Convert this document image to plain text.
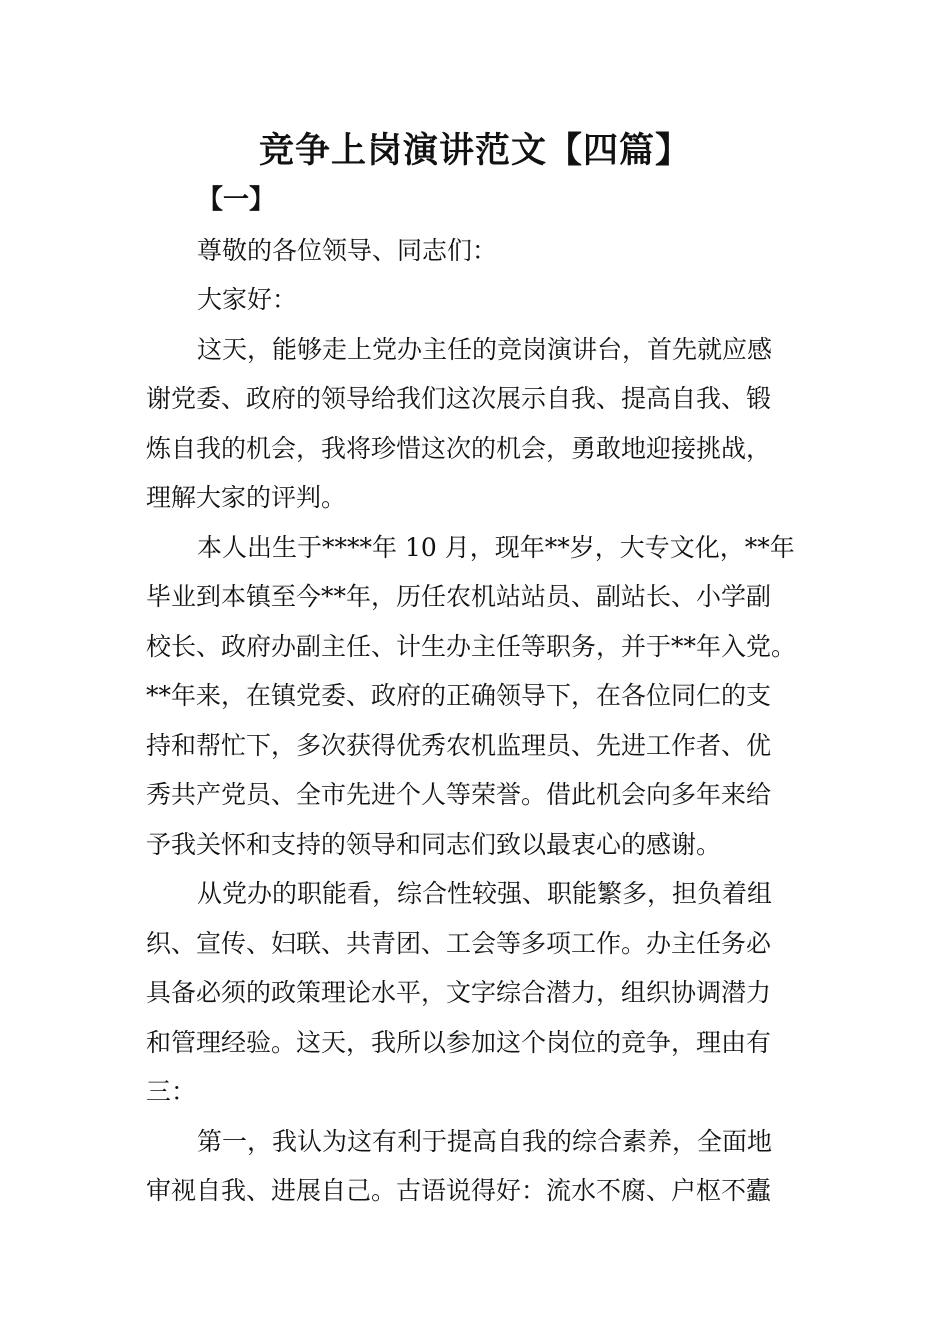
竞争上岗演讲范文【四篇】
【一】
尊敬的各位领导、同志们：
大家好：
这天，能够走上党办主任的竞岗演讲台，首先就应感
谢党委、政府的领导给我们这次展示自我、提高自我、锻
炼自我的机会，我将珍惜这次的机会，勇敢地迎接挑战，
理解大家的评判。
本人出生于****年 10 月，现年**岁，大专文化，**年
毕业到本镇至今**年，历任农机站站员、副站长、小学副
校长、政府办副主任、计生办主任等职务，并于**年入党。
**年来，在镇党委、政府的正确领导下，在各位同仁的支
持和帮忙下，多次获得优秀农机监理员、先进工作者、优
秀共产党员、全市先进个人等荣誉。借此机会向多年来给
予我关怀和支持的领导和同志们致以最衷心的感谢。
从党办的职能看，综合性较强、职能繁多，担负着组
织、宣传、妇联、共青团、工会等多项工作。办主任务必
具备必须的政策理论水平，文字综合潜力，组织协调潜力
和管理经验。这天，我所以参加这个岗位的竞争，理由有
三：
第一，我认为这有利于提高自我的综合素养，全面地
审视自我、进展自己。古语说得好：流水不腐、户枢不蠹
